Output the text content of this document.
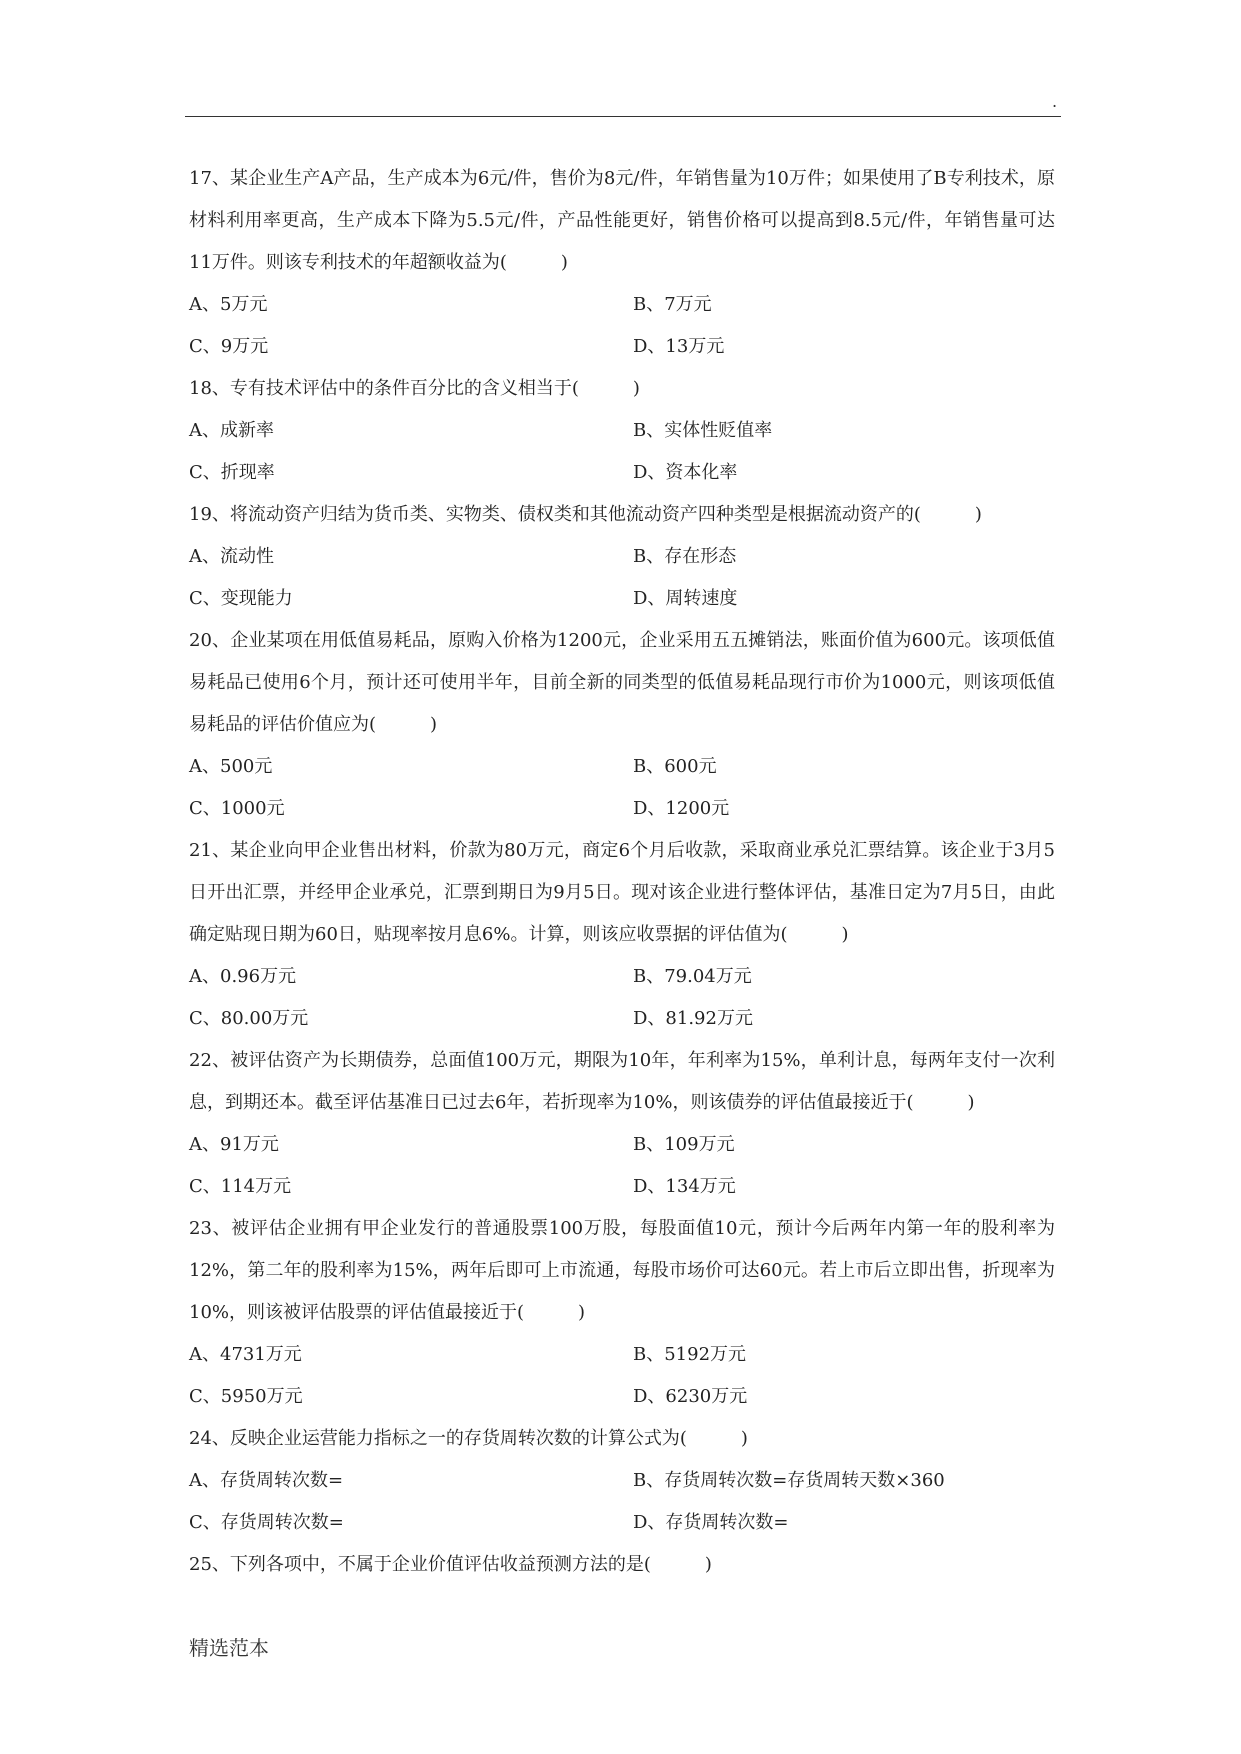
.

17、某企业生产A产品，生产成本为6元/件，售价为8元/件，年销售量为10万件；如果使用了B专利技术，原材料利用率更高，生产成本下降为5.5元/件，产品性能更好，销售价格可以提高到8.5元/件，年销售量可达11万件。则该专利技术的年超额收益为(　　　)

A、5万元	B、7万元
C、9万元	D、13万元

18、专有技术评估中的条件百分比的含义相当于(　　　)

A、成新率	B、实体性贬值率
C、折现率	D、资本化率

19、将流动资产归结为货币类、实物类、债权类和其他流动资产四种类型是根据流动资产的(　　　)

A、流动性	B、存在形态
C、变现能力	D、周转速度

20、企业某项在用低值易耗品，原购入价格为1200元，企业采用五五摊销法，账面价值为600元。该项低值易耗品已使用6个月，预计还可使用半年，目前全新的同类型的低值易耗品现行市价为1000元，则该项低值易耗品的评估价值应为(　　　)

A、500元	B、600元
C、1000元	D、1200元

21、某企业向甲企业售出材料，价款为80万元，商定6个月后收款，采取商业承兑汇票结算。该企业于3月5日开出汇票，并经甲企业承兑，汇票到期日为9月5日。现对该企业进行整体评估，基准日定为7月5日，由此确定贴现日期为60日，贴现率按月息6%。计算，则该应收票据的评估值为(　　　)

A、0.96万元	B、79.04万元
C、80.00万元	D、81.92万元

22、被评估资产为长期债券，总面值100万元，期限为10年，年利率为15%，单利计息，每两年支付一次利息，到期还本。截至评估基准日已过去6年，若折现率为10%，则该债券的评估值最接近于(　　　)

A、91万元	B、109万元
C、114万元	D、134万元

23、被评估企业拥有甲企业发行的普通股票100万股，每股面值10元，预计今后两年内第一年的股利率为12%，第二年的股利率为15%，两年后即可上市流通，每股市场价可达60元。若上市后立即出售，折现率为10%，则该被评估股票的评估值最接近于(　　　)

A、4731万元	B、5192万元
C、5950万元	D、6230万元

24、反映企业运营能力指标之一的存货周转次数的计算公式为(　　　)

A、存货周转次数=	B、存货周转次数=存货周转天数×360
C、存货周转次数=	D、存货周转次数=

25、下列各项中，不属于企业价值评估收益预测方法的是(　　　)

精选范本
